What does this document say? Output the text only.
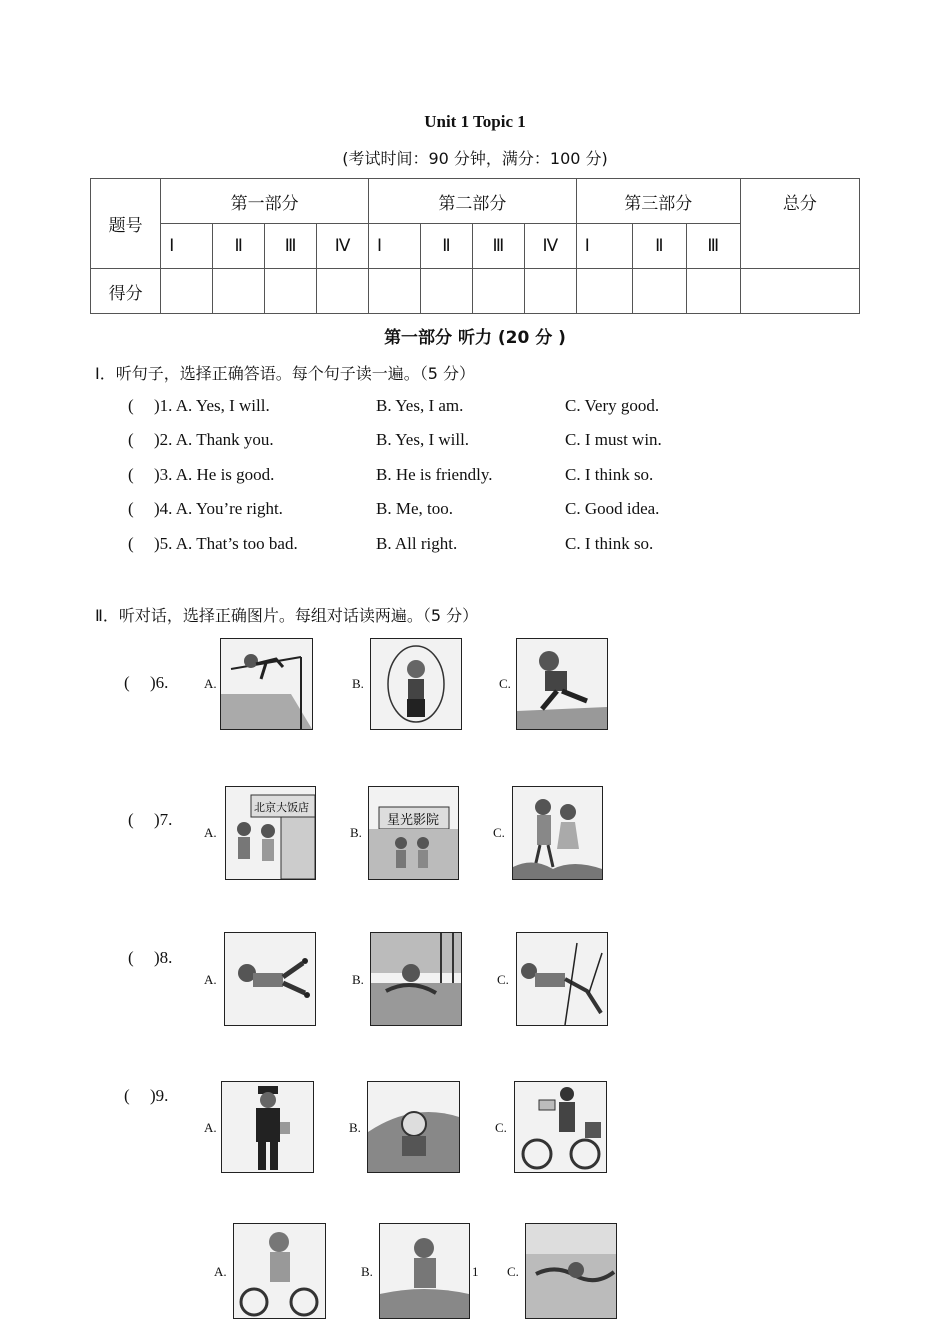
Unit 1 Topic 1
(考试时间：90 分钟，满分：100 分)
题号	第一部分				第二部分				第三部分			总分

	Ⅰ	Ⅱ	Ⅲ	Ⅳ	Ⅰ	Ⅱ	Ⅲ	Ⅳ	Ⅰ	Ⅱ	Ⅲ	
得分												
第一部分 听力 (20 分 )
Ⅰ．听句子，选择正确答语。每个句子读一遍。（5 分）
( )1. A. Yes, I will.	B. Yes, I am.	C. Very good.
( )2. A. Thank you.	B. Yes, I will.	C. I must win.
( )3. A. He is good.	B. He is friendly.	C. I think so.
( )4. A. You’re right.	B. Me, too.	C. Good idea.
( )5. A. That’s too bad.	B. All right.	C. I think so.
Ⅱ．听对话，选择正确图片。每组对话读两遍。（5 分）
( )6.	A.	B.	C.
( )7.
A.
北京大饭店
B.
星光影院
C.
( )8.
A.	B.	C.
( )9.
A.	B.	C.
A.	B.	1 C.
